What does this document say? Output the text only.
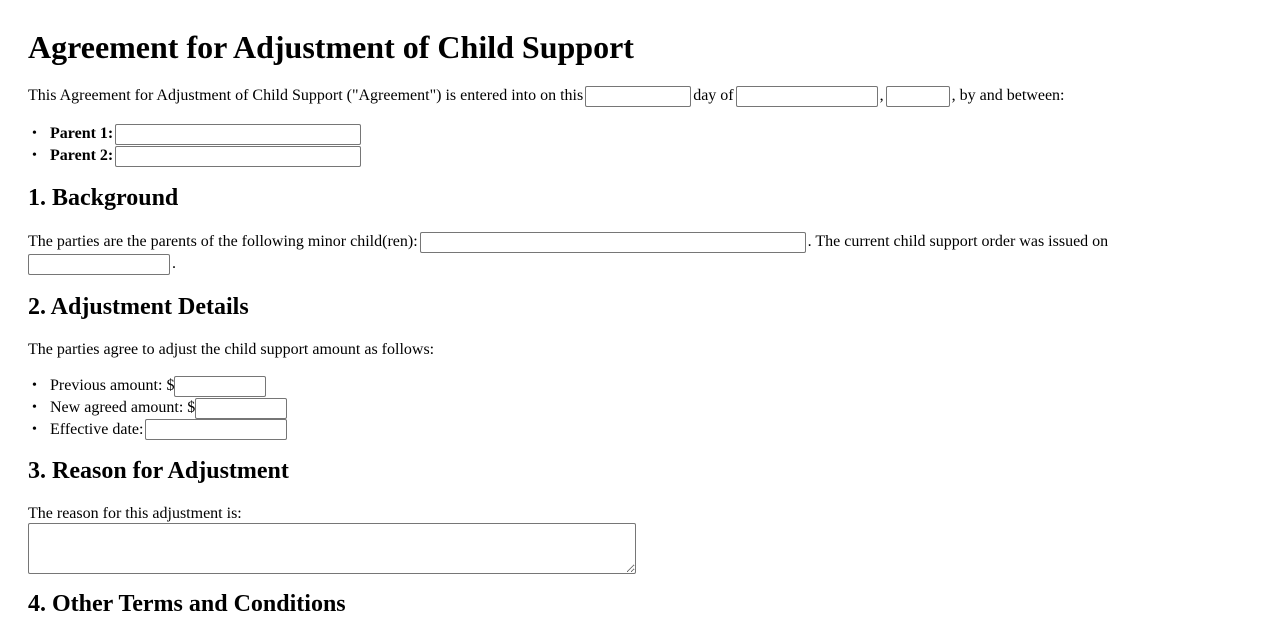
Agreement for Adjustment of Child Support
This Agreement for Adjustment of Child Support ("Agreement") is entered into on this	day of	,	, by and between:
• Parent 1:
• Parent 2:
1. Background
The parties are the parents of the following minor child(ren):	. The current child support order was issued on
.
2. Adjustment Details
The parties agree to adjust the child support amount as follows:
• Previous amount: $
• New agreed amount: $
• Effective date:
3. Reason for Adjustment
The reason for this adjustment is:
4. Other Terms and Conditions
